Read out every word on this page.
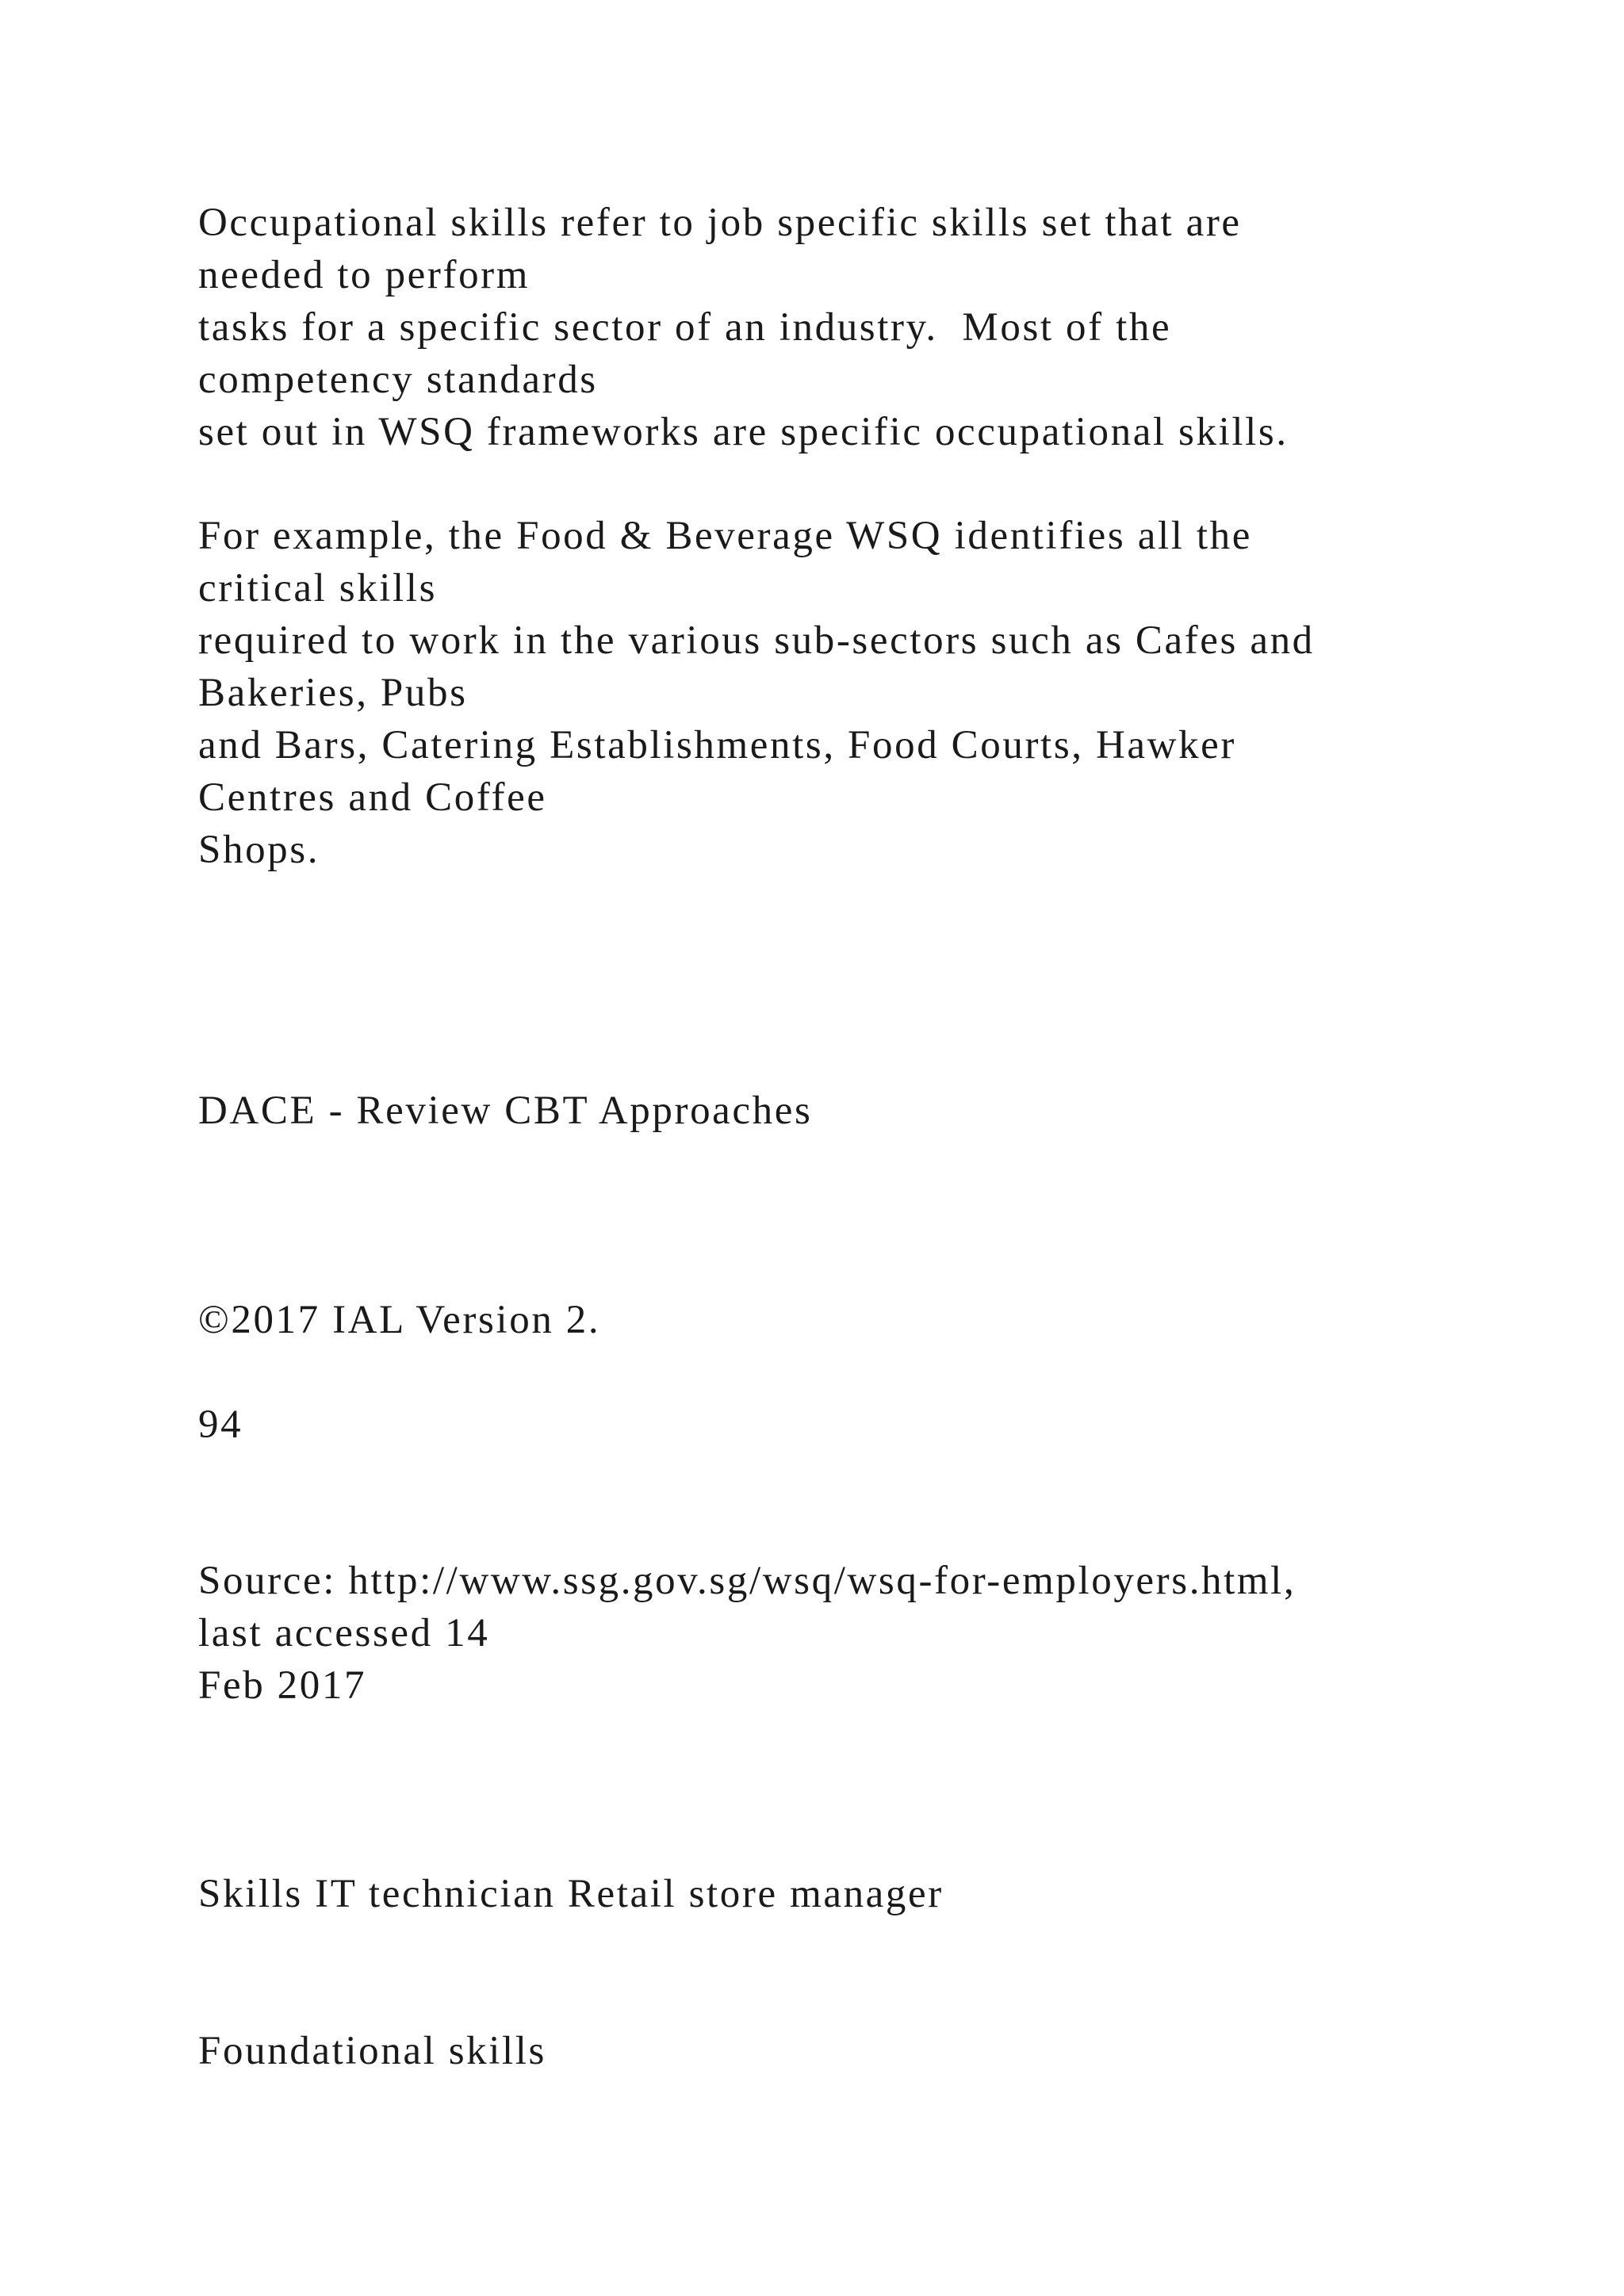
Occupational skills refer to job specific skills set that are

needed to perform

tasks for a specific sector of an industry.  Most of the

competency standards

set out in WSQ frameworks are specific occupational skills.

For example, the Food & Beverage WSQ identifies all the

critical skills

required to work in the various sub-sectors such as Cafes and

Bakeries, Pubs

and Bars, Catering Establishments, Food Courts, Hawker

Centres and Coffee

Shops.

DACE - Review CBT Approaches

©2017 IAL Version 2.

94

Source: http://www.ssg.gov.sg/wsq/wsq-for-employers.html,

last accessed 14

Feb 2017

Skills IT technician Retail store manager

Foundational skills
